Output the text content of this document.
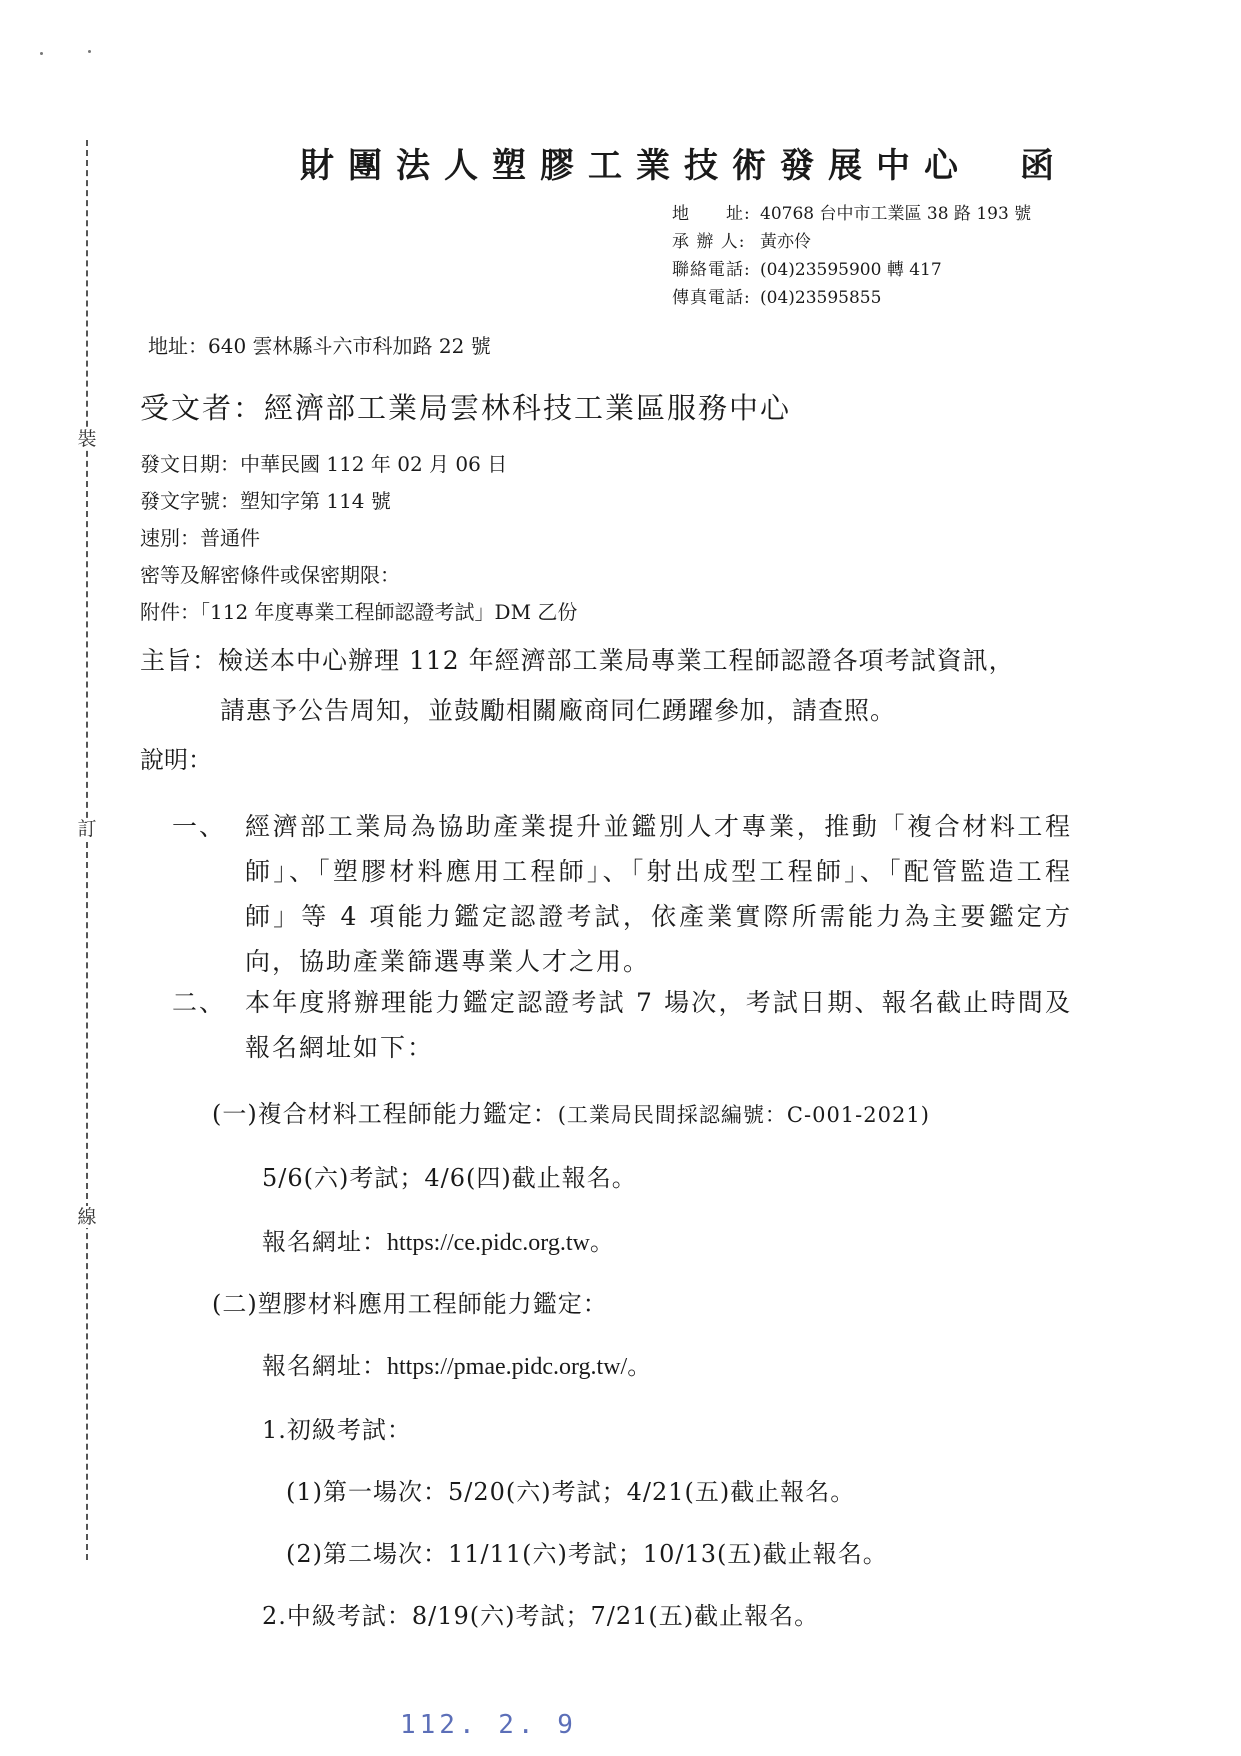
裝
訂
線
財團法人塑膠工業技術發展中心　函
地　　址: 40768 台中市工業區 38 路 193 號
承 辦 人: 黃亦伶
聯絡電話: (04)23595900 轉 417
傳真電話: (04)23595855
地址：640 雲林縣斗六市科加路 22 號
受文者：經濟部工業局雲林科技工業區服務中心
發文日期：中華民國 112 年 02 月 06 日
發文字號：塑知字第 114 號
速別：普通件
密等及解密條件或保密期限：
附件：「112 年度專業工程師認證考試」DM 乙份
主旨：檢送本中心辦理 112 年經濟部工業局專業工程師認證各項考試資訊，
請惠予公告周知，並鼓勵相關廠商同仁踴躍參加，請查照。
說明：
一、 經濟部工業局為協助產業提升並鑑別人才專業，推動「複合材料工程師」、「塑膠材料應用工程師」、「射出成型工程師」、「配管監造工程師」等 4 項能力鑑定認證考試，依產業實際所需能力為主要鑑定方向，協助產業篩選專業人才之用。
二、 本年度將辦理能力鑑定認證考試 7 場次，考試日期、報名截止時間及報名網址如下：
(一)複合材料工程師能力鑑定：(工業局民間採認編號：C-001-2021)
5/6(六)考試；4/6(四)截止報名。
報名網址：https://ce.pidc.org.tw。
(二)塑膠材料應用工程師能力鑑定：
報名網址：https://pmae.pidc.org.tw/。
1.初級考試：
(1)第一場次：5/20(六)考試；4/21(五)截止報名。
(2)第二場次：11/11(六)考試；10/13(五)截止報名。
2.中級考試：8/19(六)考試；7/21(五)截止報名。
112. 2. 9
